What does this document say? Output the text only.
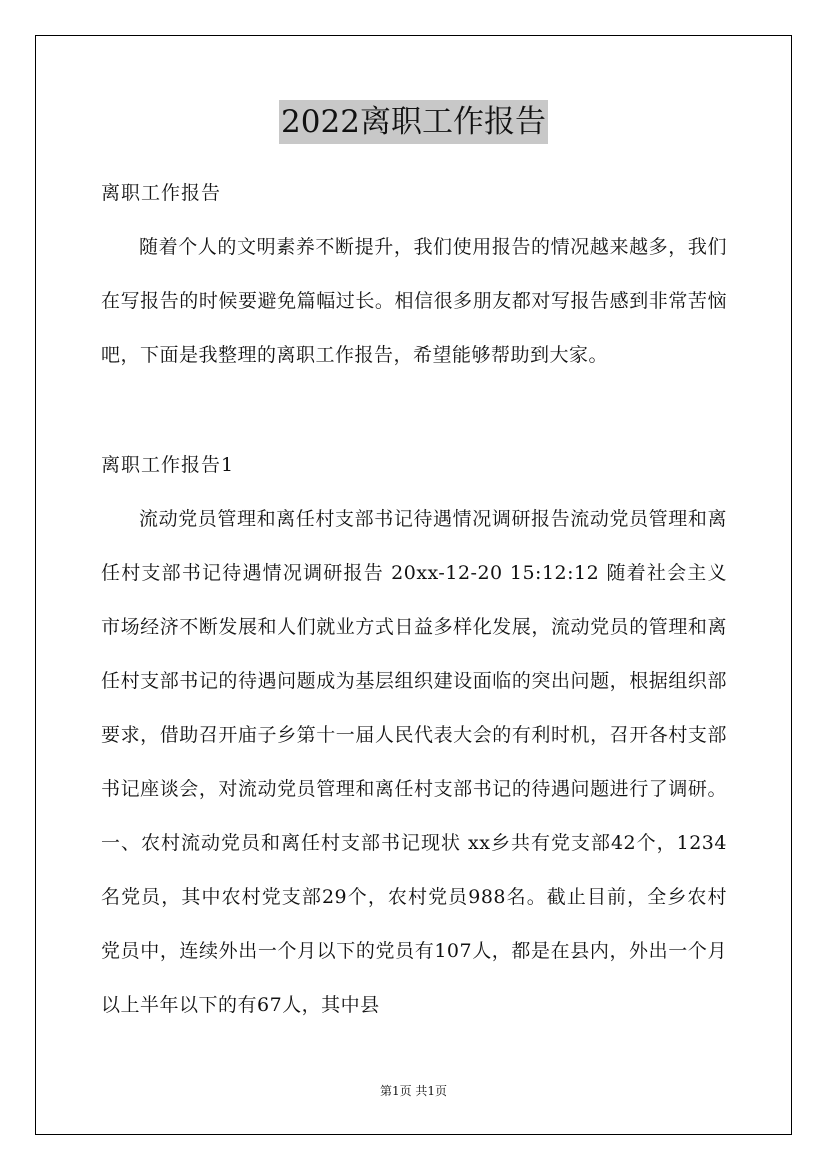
2022离职工作报告
离职工作报告

随着个人的文明素养不断提升，我们使用报告的情况越来越多，我们在写报告的时候要避免篇幅过长。相信很多朋友都对写报告感到非常苦恼吧，下面是我整理的离职工作报告，希望能够帮助到大家。

离职工作报告1

流动党员管理和离任村支部书记待遇情况调研报告流动党员管理和离任村支部书记待遇情况调研报告 20xx-12-20 15:12:12 随着社会主义市场经济不断发展和人们就业方式日益多样化发展，流动党员的管理和离任村支部书记的待遇问题成为基层组织建设面临的突出问题，根据组织部要求，借助召开庙子乡第十一届人民代表大会的有利时机，召开各村支部书记座谈会，对流动党员管理和离任村支部书记的待遇问题进行了调研。 一、农村流动党员和离任村支部书记现状 xx乡共有党支部42个，1234名党员，其中农村党支部29个，农村党员988名。截止目前，全乡农村党员中，连续外出一个月以下的党员有107人，都是在县内，外出一个月以上半年以下的有67人，其中县

第1页 共1页
